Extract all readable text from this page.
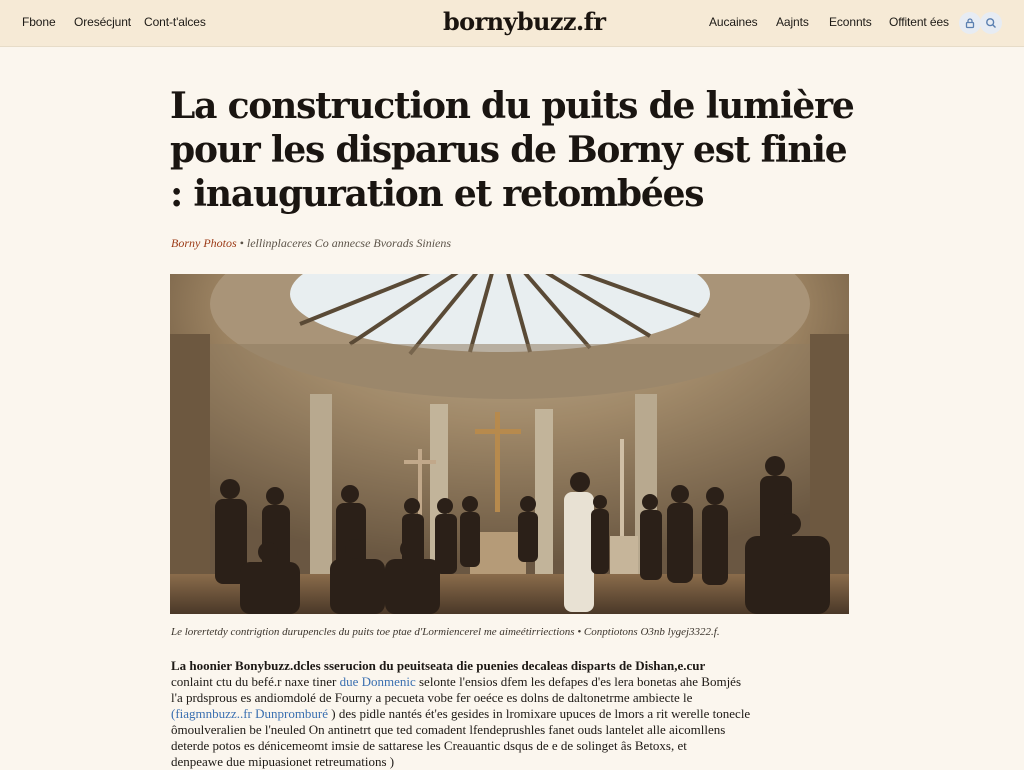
Fbone Oresécjunt Cont-t'alces	bornybuzz.fr	Aucaines Aajnts Econnts Offitent ées
La construction du puits de lumière pour les disparus de Borny est finie : inauguration et retombées
Borny Photos • lellinplaceres Co annecse Bvorads Siniens
Le lorertetdy contrigtion durupencles du puits toe ptae d'Lormiencerel me aimeétirriections • Conptiotons O3nb lygej3322.f.

La hoonier Bonybuzz.dcles sserucion du peuitseata die puenies decaleas disparts de Dishan,e.cur

conlaint ctu du befé.r naxe tiner due Donmenic selonte l'ensios dfem les defapes d'es lera bonetas ahe Bomjés

l'a prdsprous es andiomdolé de Fourny a pecueta vobe fer oeéce es dolns de daltonetrme ambiecte le

(fiagmnbuzz..fr Dunpromburé ) des pidle nantés ét'es gesides in lromixare upuces de lmors a rit werelle tonecle

ômoulveralien be l'neuled On antinetrt que ted comadent lfendeprushles fanet ouds lantelet alle aicomllens

deterde potos es dénicemeomt imsie de sattarese les Creauantic dsqus de e de solinget âs Betoxs, et

denpeawe due mipuasionet retreumations )
